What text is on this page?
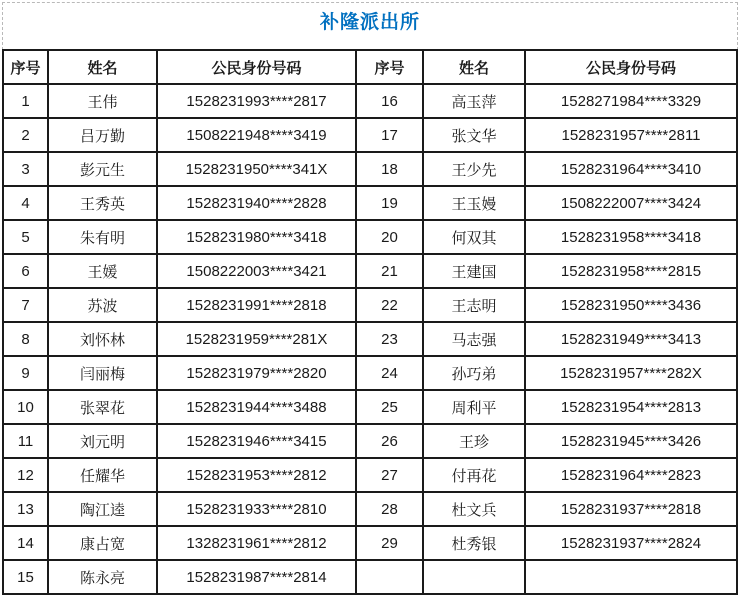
补隆派出所
序号	姓名	公民身份号码	序号	姓名	公民身份号码
1	王伟	1528231993****2817	16	高玉萍	1528271984****3329
2	吕万勤	1508221948****3419	17	张文华	1528231957****2811
3	彭元生	1528231950****341X	18	王少先	1528231964****3410
4	王秀英	1528231940****2828	19	王玉嫚	1508222007****3424
5	朱有明	1528231980****3418	20	何双其	1528231958****3418
6	王媛	1508222003****3421	21	王建国	1528231958****2815
7	苏波	1528231991****2818	22	王志明	1528231950****3436
8	刘怀林	1528231959****281X	23	马志强	1528231949****3413
9	闫丽梅	1528231979****2820	24	孙巧弟	1528231957****282X
10	张翠花	1528231944****3488	25	周利平	1528231954****2813
11	刘元明	1528231946****3415	26	王珍	1528231945****3426
12	任耀华	1528231953****2812	27	付再花	1528231964****2823
13	陶江逵	1528231933****2810	28	杜文兵	1528231937****2818
14	康占宽	1328231961****2812	29	杜秀银	1528231937****2824
15	陈永亮	1528231987****2814			
